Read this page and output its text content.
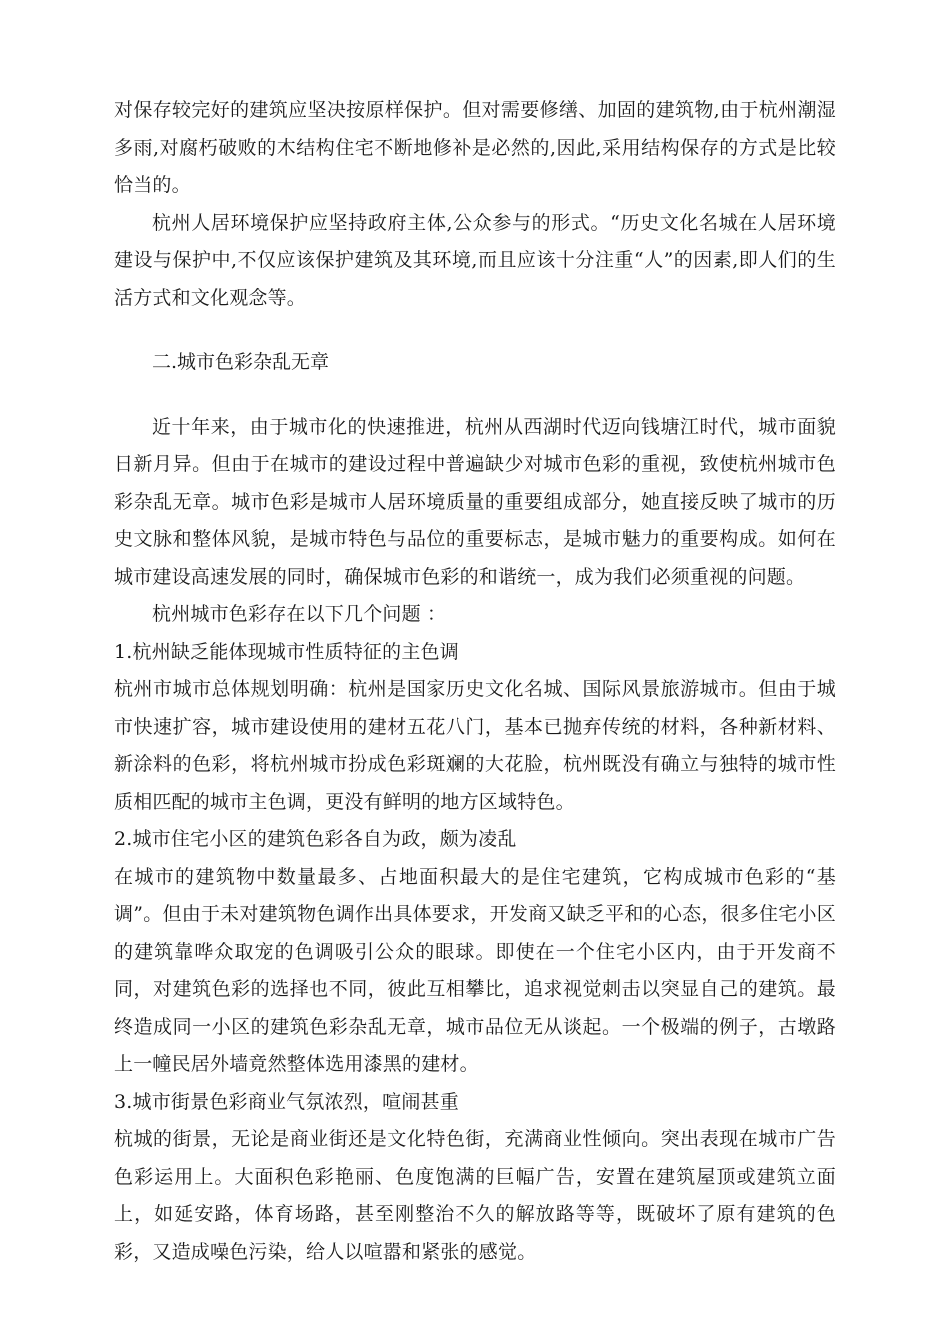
对保存较完好的建筑应坚决按原样保护。但对需要修缮、加固的建筑物,由于杭州潮湿多雨,对腐朽破败的木结构住宅不断地修补是必然的,因此,采用结构保存的方式是比较恰当的。

杭州人居环境保护应坚持政府主体,公众参与的形式。“历史文化名城在人居环境建设与保护中,不仅应该保护建筑及其环境,而且应该十分注重“人”的因素,即人们的生活方式和文化观念等。

二.城市色彩杂乱无章

近十年来，由于城市化的快速推进，杭州从西湖时代迈向钱塘江时代，城市面貌日新月异。但由于在城市的建设过程中普遍缺少对城市色彩的重视，致使杭州城市色彩杂乱无章。城市色彩是城市人居环境质量的重要组成部分，她直接反映了城市的历史文脉和整体风貌，是城市特色与品位的重要标志，是城市魅力的重要构成。如何在城市建设高速发展的同时，确保城市色彩的和谐统一，成为我们必须重视的问题。

杭州城市色彩存在以下几个问题 ：

1.杭州缺乏能体现城市性质特征的主色调

杭州市城市总体规划明确：杭州是国家历史文化名城、国际风景旅游城市。但由于城市快速扩容，城市建设使用的建材五花八门，基本已抛弃传统的材料，各种新材料、新涂料的色彩，将杭州城市扮成色彩斑斓的大花脸，杭州既没有确立与独特的城市性质相匹配的城市主色调，更没有鲜明的地方区域特色。

2.城市住宅小区的建筑色彩各自为政，颇为凌乱

在城市的建筑物中数量最多、占地面积最大的是住宅建筑，它构成城市色彩的“基调”。但由于未对建筑物色调作出具体要求，开发商又缺乏平和的心态，很多住宅小区的建筑靠哗众取宠的色调吸引公众的眼球。即使在一个住宅小区内，由于开发商不同，对建筑色彩的选择也不同，彼此互相攀比，追求视觉刺击以突显自己的建筑。最终造成同一小区的建筑色彩杂乱无章，城市品位无从谈起。一个极端的例子，古墩路上一幢民居外墙竟然整体选用漆黑的建材。

3.城市街景色彩商业气氛浓烈，喧闹甚重

杭城的街景，无论是商业街还是文化特色街，充满商业性倾向。突出表现在城市广告色彩运用上。大面积色彩艳丽、色度饱满的巨幅广告，安置在建筑屋顶或建筑立面上，如延安路，体育场路，甚至刚整治不久的解放路等等，既破坏了原有建筑的色彩，又造成噪色污染，给人以喧嚣和紧张的感觉。
